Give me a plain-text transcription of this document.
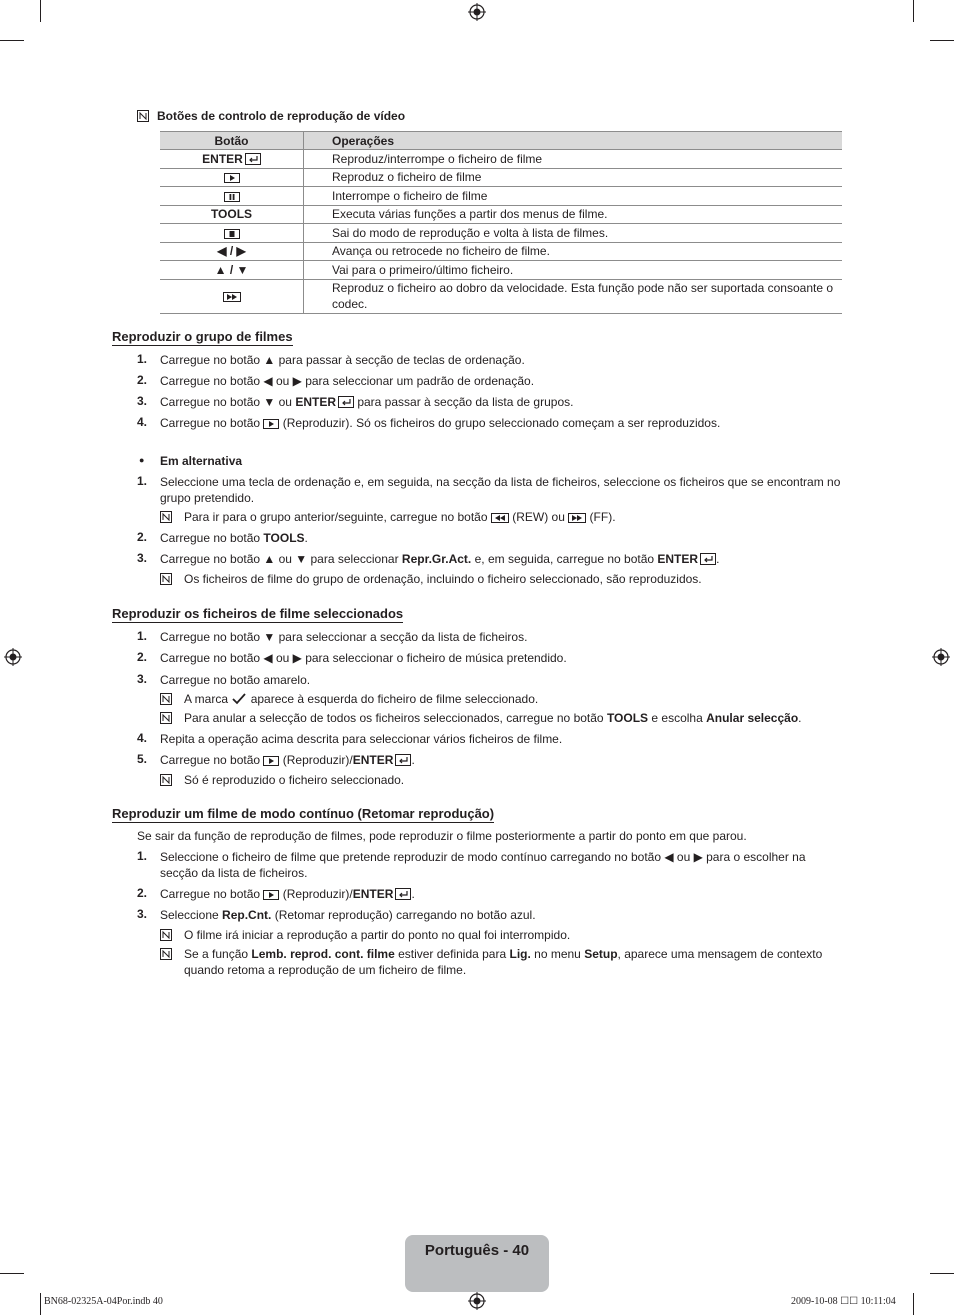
Botões de controlo de reprodução de vídeo
Botão	Operações
ENTER	Reproduz/interrompe o ficheiro de filme

	Reproduz o ficheiro de filme

	Interrompe o ficheiro de filme
TOOLS	Executa várias funções a partir dos menus de filme.

	Sai do modo de reprodução e volta à lista de filmes.
◀ / ▶	Avança ou retrocede no ficheiro de filme.
▲ / ▼	Vai para o primeiro/último ficheiro.

	Reproduz o ficheiro ao dobro da velocidade. Esta função pode não ser suportada consoante o codec.
Reproduzir o grupo de filmes
1. Carregue no botão ▲ para passar à secção de teclas de ordenação.
2. Carregue no botão ◀ ou ▶ para seleccionar um padrão de ordenação.
3. Carregue no botão ▼ ou ENTER para passar à secção da lista de grupos.
4. Carregue no botão
(Reproduzir). Só os ficheiros do grupo seleccionado começam a ser reproduzidos.
● Em alternativa
1. Seleccione uma tecla de ordenação e, em seguida, na secção da lista de ficheiros, seleccione os ficheiros que se encontram no grupo pretendido.
Para ir para o grupo anterior/seguinte, carregue no botão
(REW) ou
(FF).
2. Carregue no botão TOOLS.
3. Carregue no botão ▲ ou ▼ para seleccionar Repr.Gr.Act. e, em seguida, carregue no botão ENTER .
Os ficheiros de filme do grupo de ordenação, incluindo o ficheiro seleccionado, são reproduzidos.
Reproduzir os ficheiros de filme seleccionados
1. Carregue no botão ▼ para seleccionar a secção da lista de ficheiros.
2. Carregue no botão ◀ ou ▶ para seleccionar o ficheiro de música pretendido.
3. Carregue no botão amarelo.
A marca  aparece à esquerda do ficheiro de filme seleccionado.
Para anular a selecção de todos os ficheiros seleccionados, carregue no botão TOOLS e escolha Anular selecção.
4. Repita a operação acima descrita para seleccionar vários ficheiros de filme.
5. Carregue no botão
(Reproduzir)/ENTER .
Só é reproduzido o ficheiro seleccionado.
Reproduzir um filme de modo contínuo (Retomar reprodução)
Se sair da função de reprodução de filmes, pode reproduzir o filme posteriormente a partir do ponto em que parou.
1. Seleccione o ficheiro de filme que pretende reproduzir de modo contínuo carregando no botão ◀ ou ▶ para o escolher na secção da lista de ficheiros.
2. Carregue no botão
(Reproduzir)/ENTER .
3. Seleccione Rep.Cnt. (Retomar reprodução) carregando no botão azul.
O filme irá iniciar a reprodução a partir do ponto no qual foi interrompido.
Se a função Lemb. reprod. cont. filme estiver definida para Lig. no menu Setup, aparece uma mensagem de contexto quando retoma a reprodução de um ficheiro de filme.
Português - 40
BN68-02325A-04Por.indb 40	2009-10-08 ☐☐ 10:11:04
